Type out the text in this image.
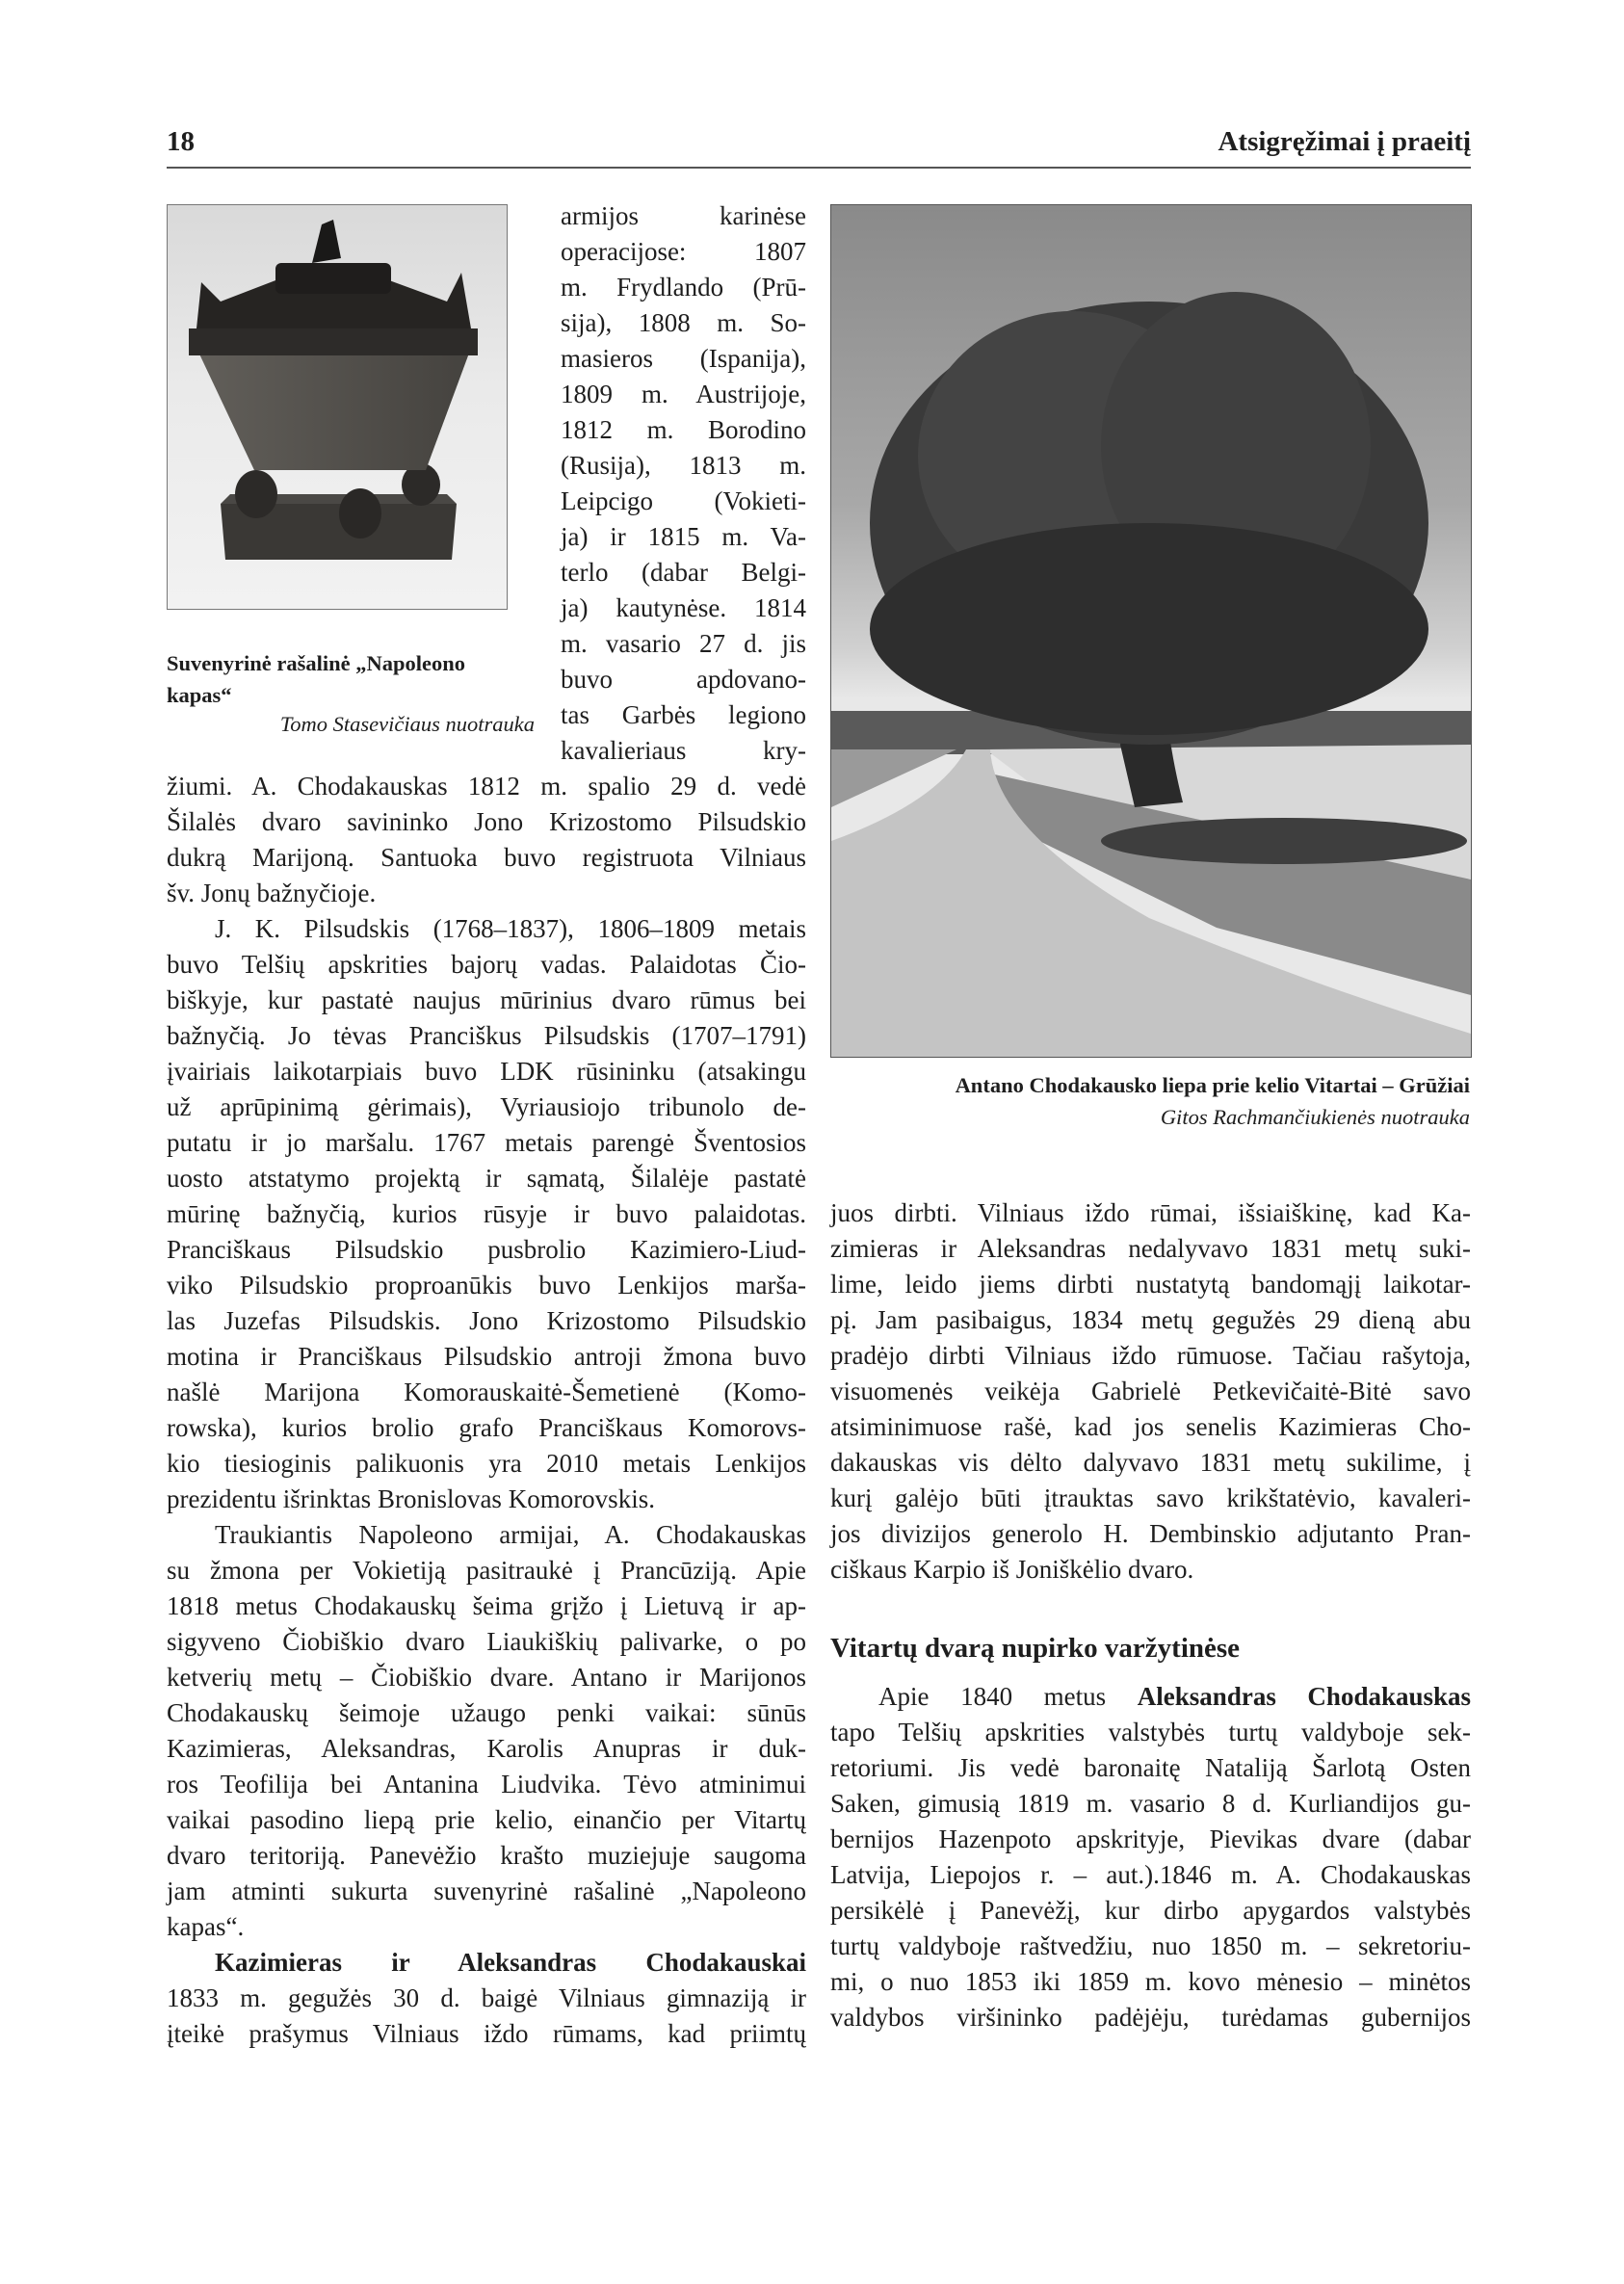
18	Atsigręžimai į praeitį
Suvenyrinė rašalinė „Napoleono kapas“
Tomo Stasevičiaus nuotrauka
Antano Chodakausko liepa prie kelio Vitartai – Grūžiai
Gitos Rachmančiukienės nuotrauka
armijos karinėse
operacijose: 1807
m. Frydlando (Prū-
sija), 1808 m. So-
masieros (Ispanija),
1809 m. Austrijoje,
1812 m. Borodino
(Rusija), 1813 m.
Leipcigo (Vokieti-
ja) ir 1815 m. Va-
terlo (dabar Belgi-
ja) kautynėse. 1814
m. vasario 27 d. jis
buvo apdovano-
tas Garbės legiono
kavalieriaus kry-
žiumi. A. Chodakauskas 1812 m. spalio 29 d. vedė
Šilalės dvaro savininko Jono Krizostomo Pilsudskio
dukrą Marijoną. Santuoka buvo registruota Vilniaus
šv. Jonų bažnyčioje.
J. K. Pilsudskis (1768–1837), 1806–1809 metais
buvo Telšių apskrities bajorų vadas. Palaidotas Čio-
biškyje, kur pastatė naujus mūrinius dvaro rūmus bei
bažnyčią. Jo tėvas Pranciškus Pilsudskis (1707–1791)
įvairiais laikotarpiais buvo LDK rūsininku (atsakingu
už aprūpinimą gėrimais), Vyriausiojo tribunolo de-
putatu ir jo maršalu. 1767 metais parengė Šventosios
uosto atstatymo projektą ir sąmatą, Šilalėje pastatė
mūrinę bažnyčią, kurios rūsyje ir buvo palaidotas.
Pranciškaus Pilsudskio pusbrolio Kazimiero-Liud-
viko Pilsudskio proproanūkis buvo Lenkijos marša-
las Juzefas Pilsudskis. Jono Krizostomo Pilsudskio
motina ir Pranciškaus Pilsudskio antroji žmona buvo
našlė Marijona Komorauskaitė-Šemetienė (Komo-
rowska), kurios brolio grafo Pranciškaus Komorovs-
kio tiesioginis palikuonis yra 2010 metais Lenkijos
prezidentu išrinktas Bronislovas Komorovskis.
Traukiantis Napoleono armijai, A. Chodakauskas
su žmona per Vokietiją pasitraukė į Prancūziją. Apie
1818 metus Chodakauskų šeima grįžo į Lietuvą ir ap-
sigyveno Čiobiškio dvaro Liaukiškių palivarke, o po
ketverių metų – Čiobiškio dvare. Antano ir Marijonos
Chodakauskų šeimoje užaugo penki vaikai: sūnūs
Kazimieras, Aleksandras, Karolis Anupras ir duk-
ros Teofilija bei Antanina Liudvika. Tėvo atminimui
vaikai pasodino liepą prie kelio, einančio per Vitartų
dvaro teritoriją. Panevėžio krašto muziejuje saugoma
jam atminti sukurta suvenyrinė rašalinė „Napoleono
kapas“.
Kazimieras ir Aleksandras Chodakauskai
1833 m. gegužės 30 d. baigė Vilniaus gimnaziją ir
įteikė prašymus Vilniaus iždo rūmams, kad priimtų
juos dirbti. Vilniaus iždo rūmai, išsiaiškinę, kad Ka-
zimieras ir Aleksandras nedalyvavo 1831 metų suki-
lime, leido jiems dirbti nustatytą bandomąjį laikotar-
pį. Jam pasibaigus, 1834 metų gegužės 29 dieną abu
pradėjo dirbti Vilniaus iždo rūmuose. Tačiau rašytoja,
visuomenės veikėja Gabrielė Petkevičaitė-Bitė savo
atsiminimuose rašė, kad jos senelis Kazimieras Cho-
dakauskas vis dėlto dalyvavo 1831 metų sukilime, į
kurį galėjo būti įtrauktas savo krikštatėvio, kavaleri-
jos divizijos generolo H. Dembinskio adjutanto Pran-
ciškaus Karpio iš Joniškėlio dvaro.
Vitartų dvarą nupirko varžytinėse
Apie 1840 metus Aleksandras Chodakauskas
tapo Telšių apskrities valstybės turtų valdyboje sek-
retoriumi. Jis vedė baronaitę Nataliją Šarlotą Osten
Saken, gimusią 1819 m. vasario 8 d. Kurliandijos gu-
bernijos Hazenpoto apskrityje, Pievikas dvare (dabar
Latvija, Liepojos r. – aut.).1846 m. A. Chodakauskas
persikėlė į Panevėžį, kur dirbo apygardos valstybės
turtų valdyboje raštvedžiu, nuo 1850 m. – sekretoriu-
mi, o nuo 1853 iki 1859 m. kovo mėnesio – minėtos
valdybos viršininko padėjėju, turėdamas gubernijos
